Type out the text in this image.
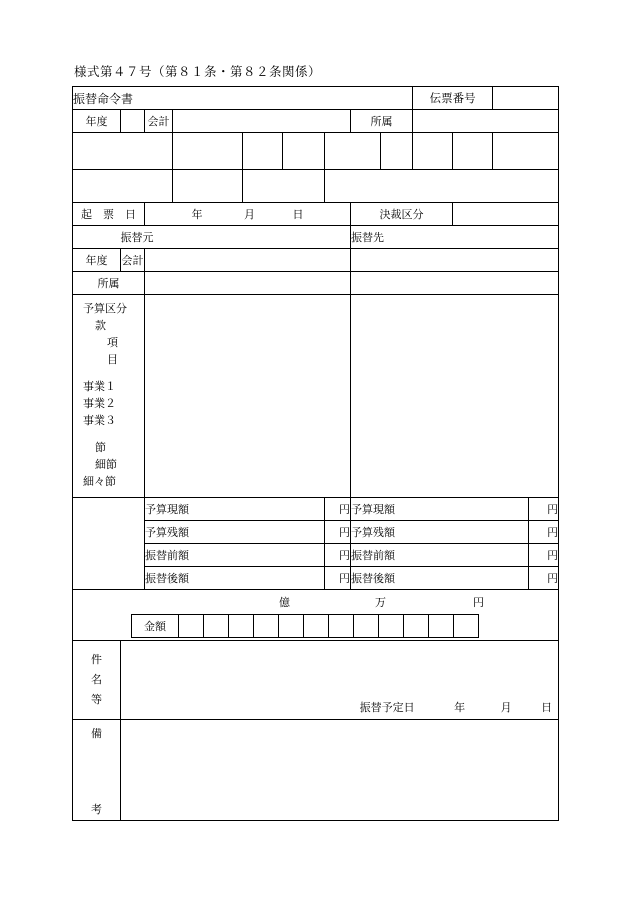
様式第４７号（第８１条・第８２条関係）
振替命令書	伝票番号	
年度		会計		所属	

起　票　日	年	月	日	決裁区分	
	振替元	振替先
年度	会計		
所属		

予算区分
款
項
目
事業１
事業２
事業３
節
細節
細々節

	予算現額	円	予算現額	円
予算残額	円	予算残額	円
振替前額	円	振替前額	円
振替後額	円	振替後額	円

億	万	円

金額												

件
名
等

振替予定日	年	月	日

備
考
